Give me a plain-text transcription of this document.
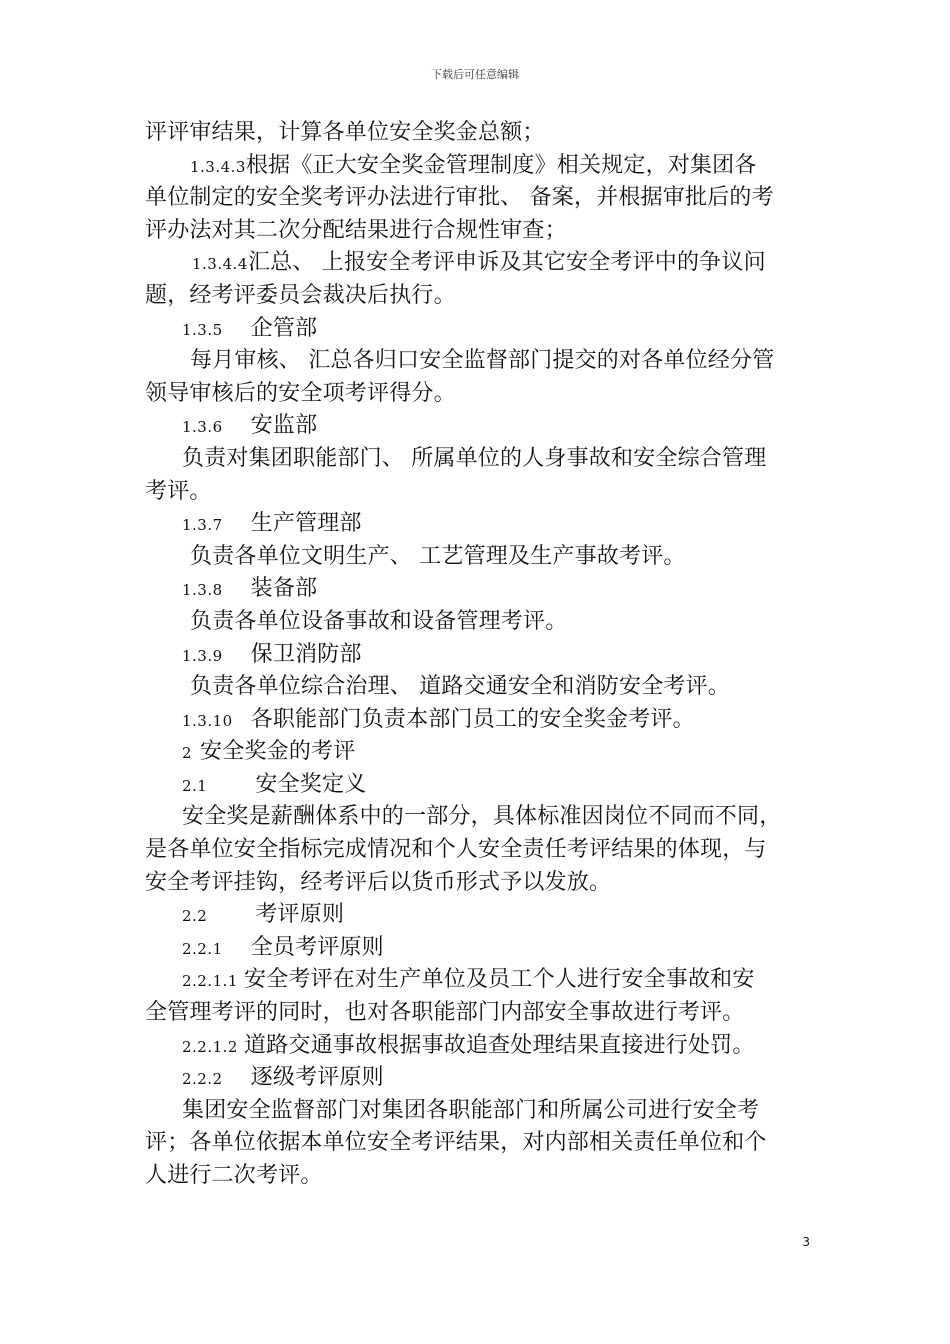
下载后可任意编辑
评评审结果，计算各单位安全奖金总额；
1.3.4.3根据《正大安全奖金管理制度》相关规定，对集团各
单位制定的安全奖考评办法进行审批、 备案，并根据审批后的考
评办法对其二次分配结果进行合规性审查；
1.3.4.4汇总、 上报安全考评申诉及其它安全考评中的争议问
题，经考评委员会裁决后执行。
1.3.5 企管部
每月审核、 汇总各归口安全监督部门提交的对各单位经分管
领导审核后的安全项考评得分。
1.3.6 安监部
负责对集团职能部门、 所属单位的人身事故和安全综合管理
考评。
1.3.7 生产管理部
负责各单位文明生产、 工艺管理及生产事故考评。
1.3.8 装备部
负责各单位设备事故和设备管理考评。
1.3.9 保卫消防部
负责各单位综合治理、 道路交通安全和消防安全考评。
1.3.10 各职能部门负责本部门员工的安全奖金考评。
2 安全奖金的考评
2.1 安全奖定义
安全奖是薪酬体系中的一部分，具体标准因岗位不同而不同，
是各单位安全指标完成情况和个人安全责任考评结果的体现，与
安全考评挂钩，经考评后以货币形式予以发放。
2.2 考评原则
2.2.1 全员考评原则
2.2.1.1 安全考评在对生产单位及员工个人进行安全事故和安
全管理考评的同时，也对各职能部门内部安全事故进行考评。
2.2.1.2 道路交通事故根据事故追查处理结果直接进行处罚。
2.2.2 逐级考评原则
集团安全监督部门对集团各职能部门和所属公司进行安全考
评；各单位依据本单位安全考评结果，对内部相关责任单位和个
人进行二次考评。
3
